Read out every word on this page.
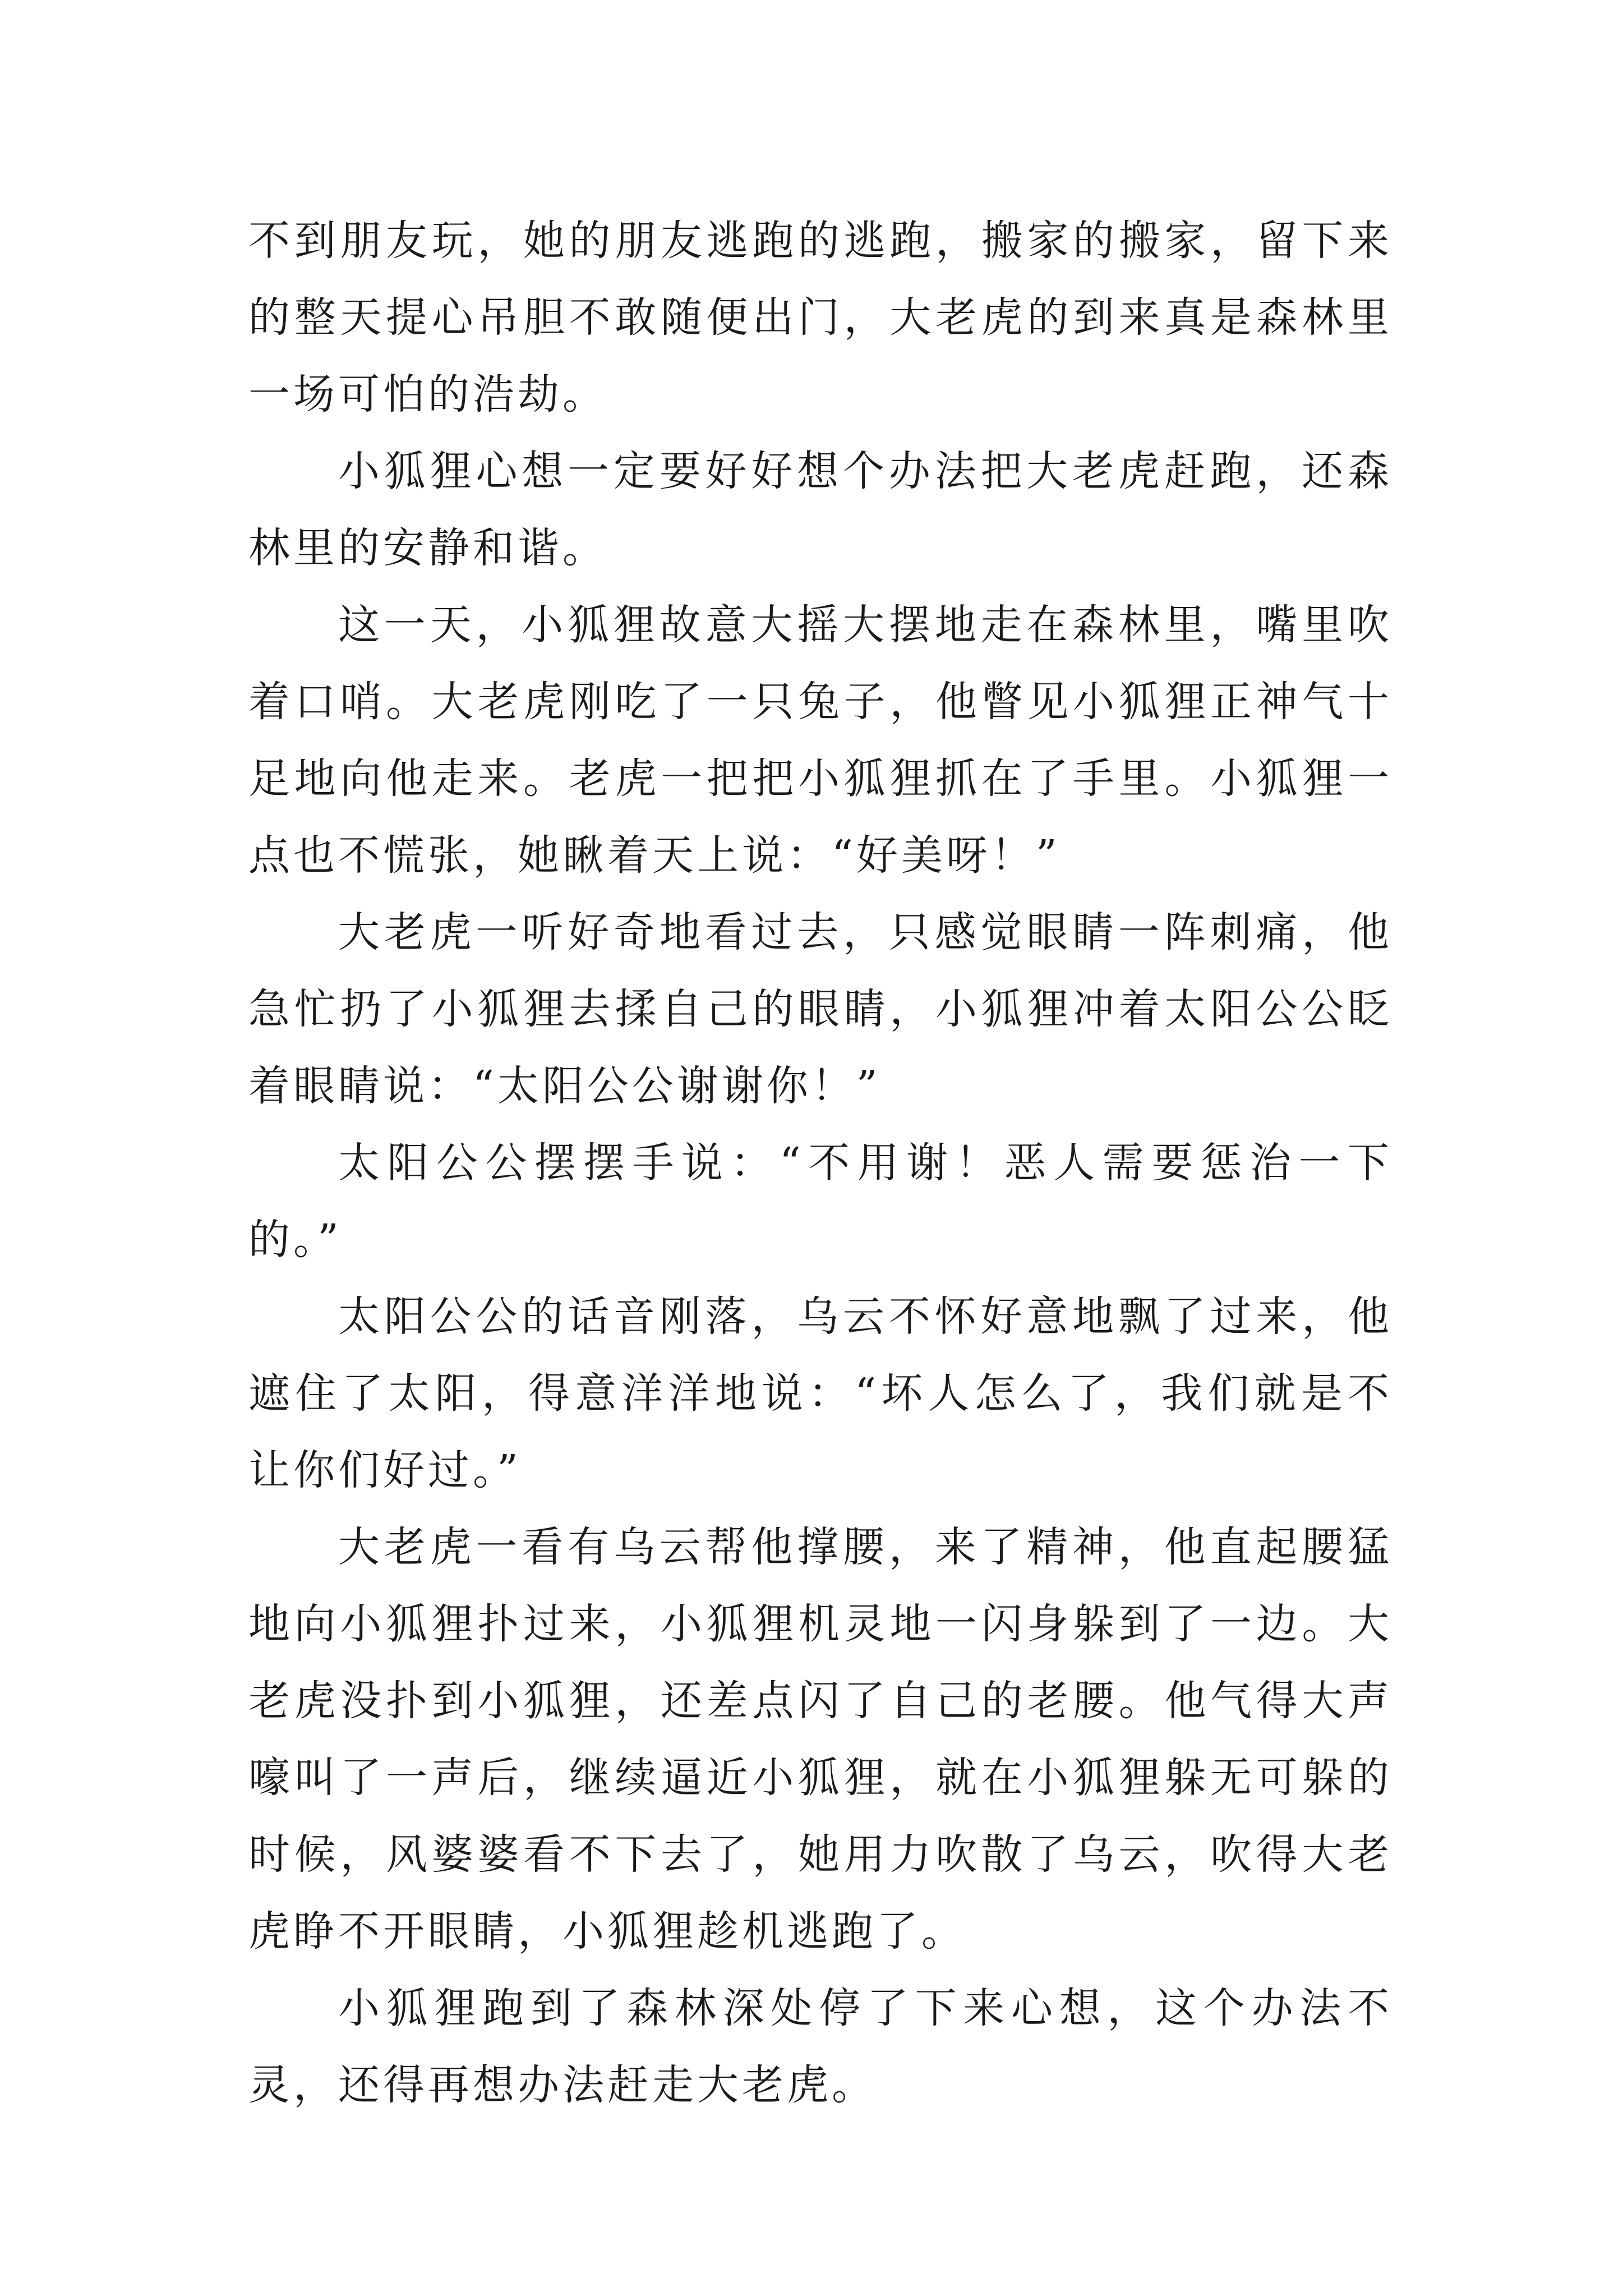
不到朋友玩，她的朋友逃跑的逃跑，搬家的搬家，留下来的整天提心吊胆不敢随便出门，大老虎的到来真是森林里一场可怕的浩劫。

小狐狸心想一定要好好想个办法把大老虎赶跑，还森林里的安静和谐。

这一天，小狐狸故意大摇大摆地走在森林里，嘴里吹着口哨。大老虎刚吃了一只兔子，他瞥见小狐狸正神气十足地向他走来。老虎一把把小狐狸抓在了手里。小狐狸一点也不慌张，她瞅着天上说：“好美呀！”

大老虎一听好奇地看过去，只感觉眼睛一阵刺痛，他急忙扔了小狐狸去揉自己的眼睛，小狐狸冲着太阳公公眨着眼睛说：“太阳公公谢谢你！”

太阳公公摆摆手说：“不用谢！恶人需要惩治一下的。”

太阳公公的话音刚落，乌云不怀好意地飘了过来，他遮住了太阳，得意洋洋地说：“坏人怎么了，我们就是不让你们好过。”

大老虎一看有乌云帮他撑腰，来了精神，他直起腰猛地向小狐狸扑过来，小狐狸机灵地一闪身躲到了一边。大老虎没扑到小狐狸，还差点闪了自己的老腰。他气得大声嚎叫了一声后，继续逼近小狐狸，就在小狐狸躲无可躲的时候，风婆婆看不下去了，她用力吹散了乌云，吹得大老虎睁不开眼睛，小狐狸趁机逃跑了。

小狐狸跑到了森林深处停了下来心想，这个办法不灵，还得再想办法赶走大老虎。
